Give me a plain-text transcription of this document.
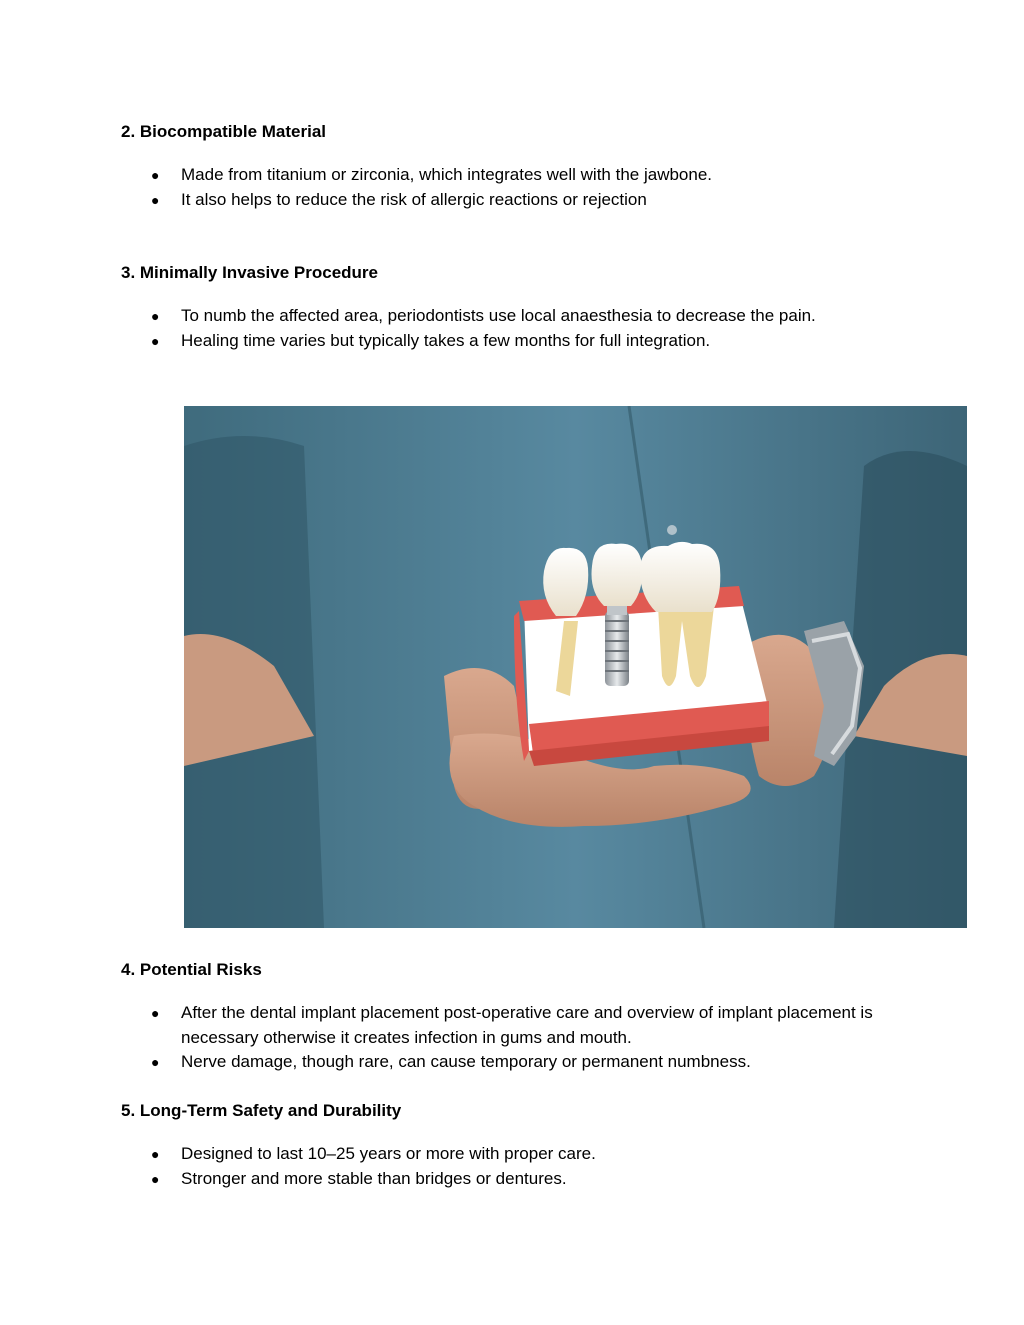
2. Biocompatible Material
● Made from titanium or zirconia, which integrates well with the jawbone.
● It also helps to reduce the risk of allergic reactions or rejection
3. Minimally Invasive Procedure
● To numb the affected area, periodontists use local anaesthesia to decrease the pain.
● Healing time varies but typically takes a few months for full integration.
4. Potential Risks
● After the dental implant placement post-operative care and overview of implant placement is necessary otherwise it creates infection in gums and mouth.
● Nerve damage, though rare, can cause temporary or permanent numbness.
5. Long-Term Safety and Durability
● Designed to last 10–25 years or more with proper care.
● Stronger and more stable than bridges or dentures.
